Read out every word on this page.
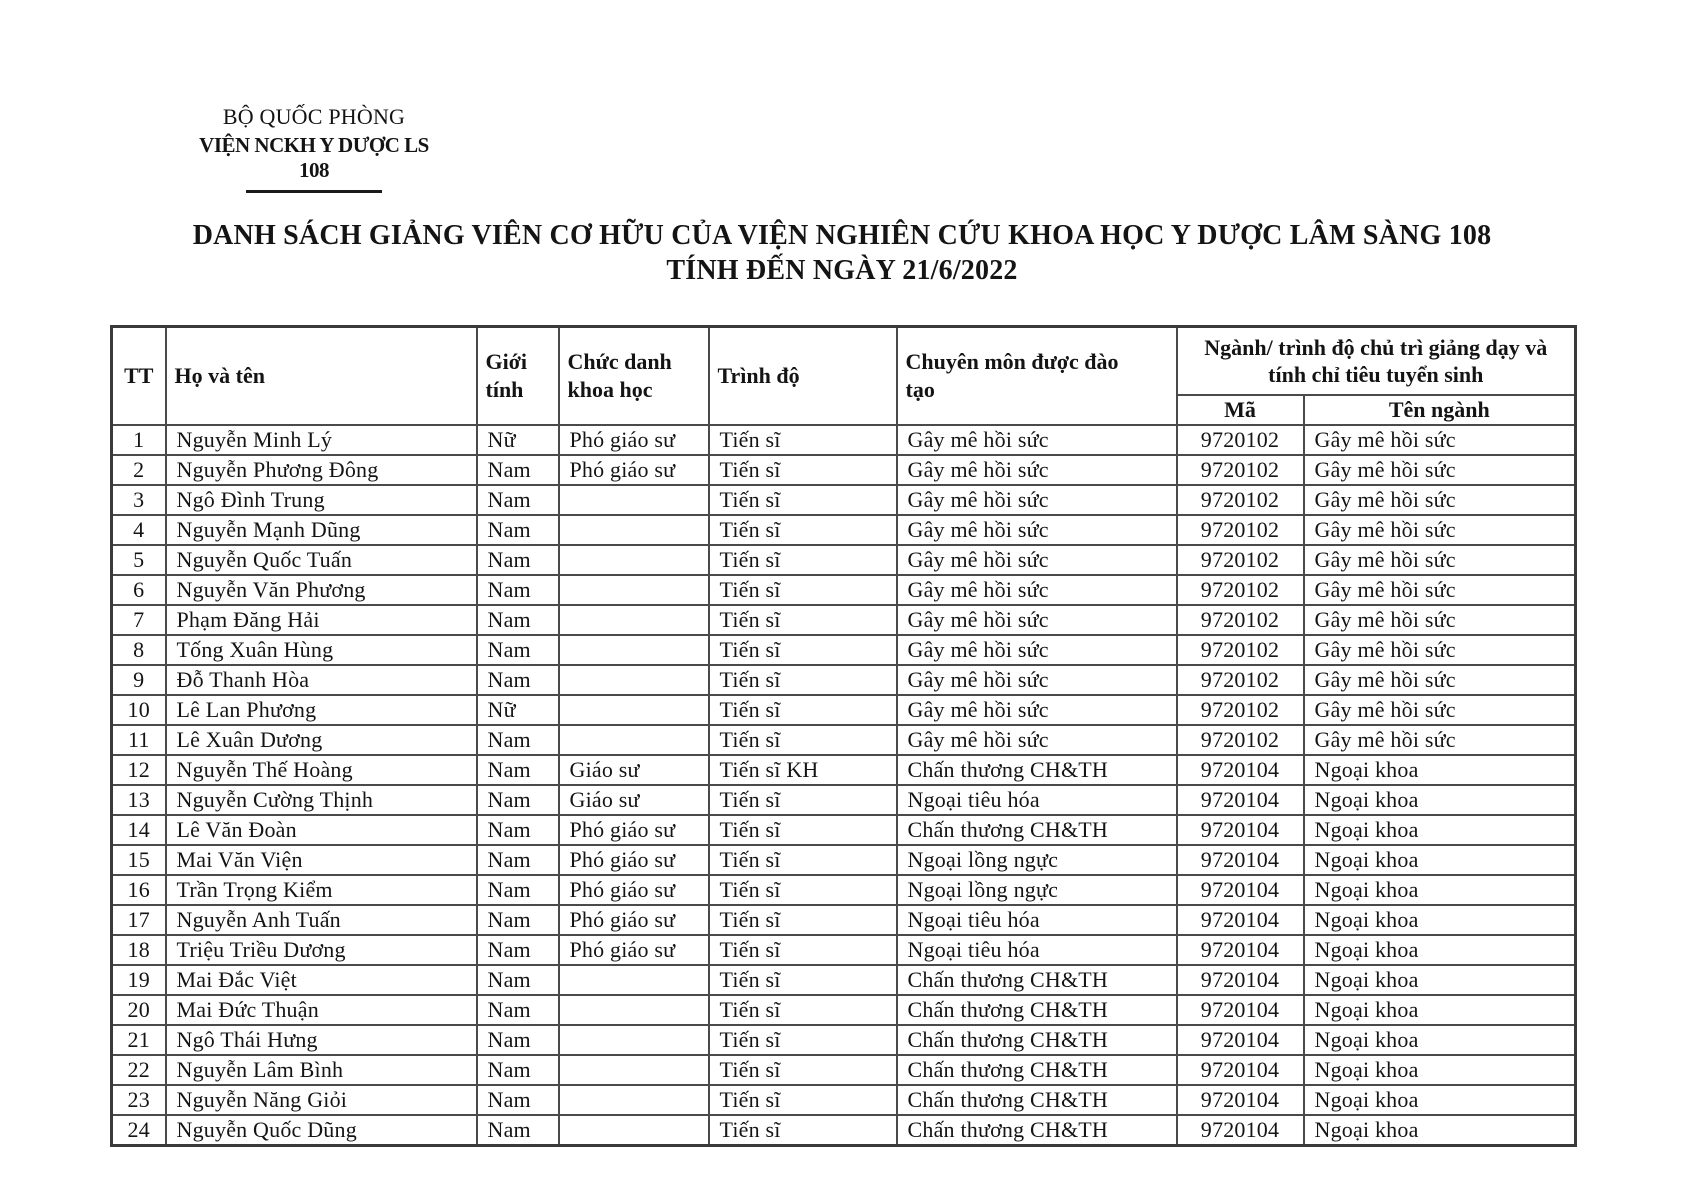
BỘ QUỐC PHÒNG
VIỆN NCKH Y DƯỢC LS 108
DANH SÁCH GIẢNG VIÊN CƠ HỮU CỦA VIỆN NGHIÊN CỨU KHOA HỌC Y DƯỢC LÂM SÀNG 108
TÍNH ĐẾN NGÀY 21/6/2022
TT	Họ và tên	Giới tính	Chức danh khoa học	Trình độ	Chuyên môn được đào tạo	Ngành/ trình độ chủ trì giảng dạy và tính chỉ tiêu tuyển sinh	
						Mã	Tên ngành
1	Nguyễn Minh Lý	Nữ	Phó giáo sư	Tiến sĩ	Gây mê hồi sức	9720102	Gây mê hồi sức
2	Nguyễn Phương Đông	Nam	Phó giáo sư	Tiến sĩ	Gây mê hồi sức	9720102	Gây mê hồi sức
3	Ngô Đình Trung	Nam		Tiến sĩ	Gây mê hồi sức	9720102	Gây mê hồi sức
4	Nguyễn Mạnh Dũng	Nam		Tiến sĩ	Gây mê hồi sức	9720102	Gây mê hồi sức
5	Nguyễn Quốc Tuấn	Nam		Tiến sĩ	Gây mê hồi sức	9720102	Gây mê hồi sức
6	Nguyễn Văn Phương	Nam		Tiến sĩ	Gây mê hồi sức	9720102	Gây mê hồi sức
7	Phạm Đăng Hải	Nam		Tiến sĩ	Gây mê hồi sức	9720102	Gây mê hồi sức
8	Tống Xuân Hùng	Nam		Tiến sĩ	Gây mê hồi sức	9720102	Gây mê hồi sức
9	Đỗ Thanh Hòa	Nam		Tiến sĩ	Gây mê hồi sức	9720102	Gây mê hồi sức
10	Lê Lan Phương	Nữ		Tiến sĩ	Gây mê hồi sức	9720102	Gây mê hồi sức
11	Lê Xuân Dương	Nam		Tiến sĩ	Gây mê hồi sức	9720102	Gây mê hồi sức
12	Nguyễn Thế Hoàng	Nam	Giáo sư	Tiến sĩ KH	Chấn thương CH&TH	9720104	Ngoại khoa
13	Nguyễn Cường Thịnh	Nam	Giáo sư	Tiến sĩ	Ngoại tiêu hóa	9720104	Ngoại khoa
14	Lê Văn Đoàn	Nam	Phó giáo sư	Tiến sĩ	Chấn thương CH&TH	9720104	Ngoại khoa
15	Mai Văn Viện	Nam	Phó giáo sư	Tiến sĩ	Ngoại lồng ngực	9720104	Ngoại khoa
16	Trần Trọng Kiểm	Nam	Phó giáo sư	Tiến sĩ	Ngoại lồng ngực	9720104	Ngoại khoa
17	Nguyễn Anh Tuấn	Nam	Phó giáo sư	Tiến sĩ	Ngoại tiêu hóa	9720104	Ngoại khoa
18	Triệu Triều Dương	Nam	Phó giáo sư	Tiến sĩ	Ngoại tiêu hóa	9720104	Ngoại khoa
19	Mai Đắc Việt	Nam		Tiến sĩ	Chấn thương CH&TH	9720104	Ngoại khoa
20	Mai Đức Thuận	Nam		Tiến sĩ	Chấn thương CH&TH	9720104	Ngoại khoa
21	Ngô Thái Hưng	Nam		Tiến sĩ	Chấn thương CH&TH	9720104	Ngoại khoa
22	Nguyễn Lâm Bình	Nam		Tiến sĩ	Chấn thương CH&TH	9720104	Ngoại khoa
23	Nguyễn Năng Giỏi	Nam		Tiến sĩ	Chấn thương CH&TH	9720104	Ngoại khoa
24	Nguyễn Quốc Dũng	Nam		Tiến sĩ	Chấn thương CH&TH	9720104	Ngoại khoa
